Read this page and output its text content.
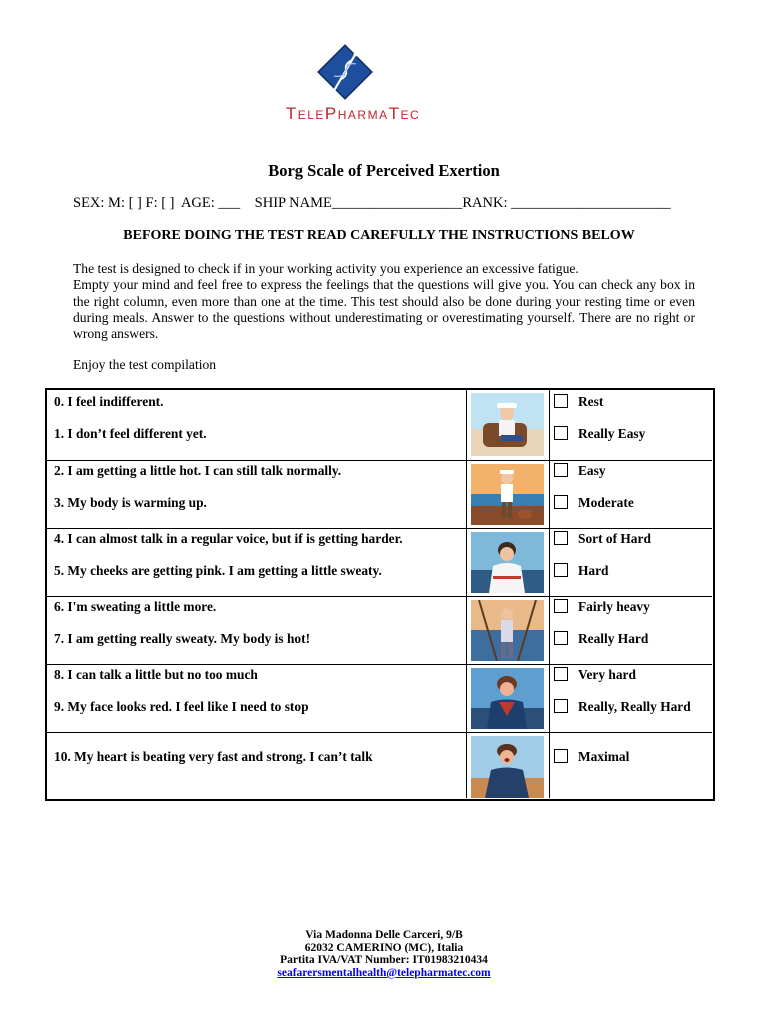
TelePharmaTec
Borg Scale of Perceived Exertion
SEX: M: [ ] F: [ ]  AGE: ___    SHIP NAME__________________RANK: ______________________
BEFORE DOING THE TEST READ CAREFULLY THE INSTRUCTIONS BELOW

The test is designed to check if in your working activity you experience an excessive fatigue.

Empty your mind and feel free to express the feelings that the questions will give you. You can check any box in the right column, even more than one at the time. This test should also be done during your resting time or even during meals. Answer to the questions without underestimating or overestimating yourself. There are no right or wrong answers.

Enjoy the test compilation
0. I feel indifferent.
1. I don’t feel different yet.
Rest
Really Easy
2. I am getting a little hot. I can still talk normally.
3. My body is warming up.
Easy
Moderate
4. I can almost talk in a regular voice, but if is getting harder.
5. My cheeks are getting pink. I am getting a little sweaty.
Sort of Hard
Hard
6. I'm sweating a little more.
7. I am getting really sweaty. My body is hot!
Fairly heavy
Really Hard
8. I can talk a little but no too much
9. My face looks red. I feel like I need to stop
Very hard
Really, Really Hard
10. My heart is beating very fast and strong. I can’t talk	Maximal
Via Madonna Delle Carceri, 9/B
62032 CAMERINO (MC), Italia
Partita IVA/VAT Number: IT01983210434
seafarersmentalhealth@telepharmatec.com
